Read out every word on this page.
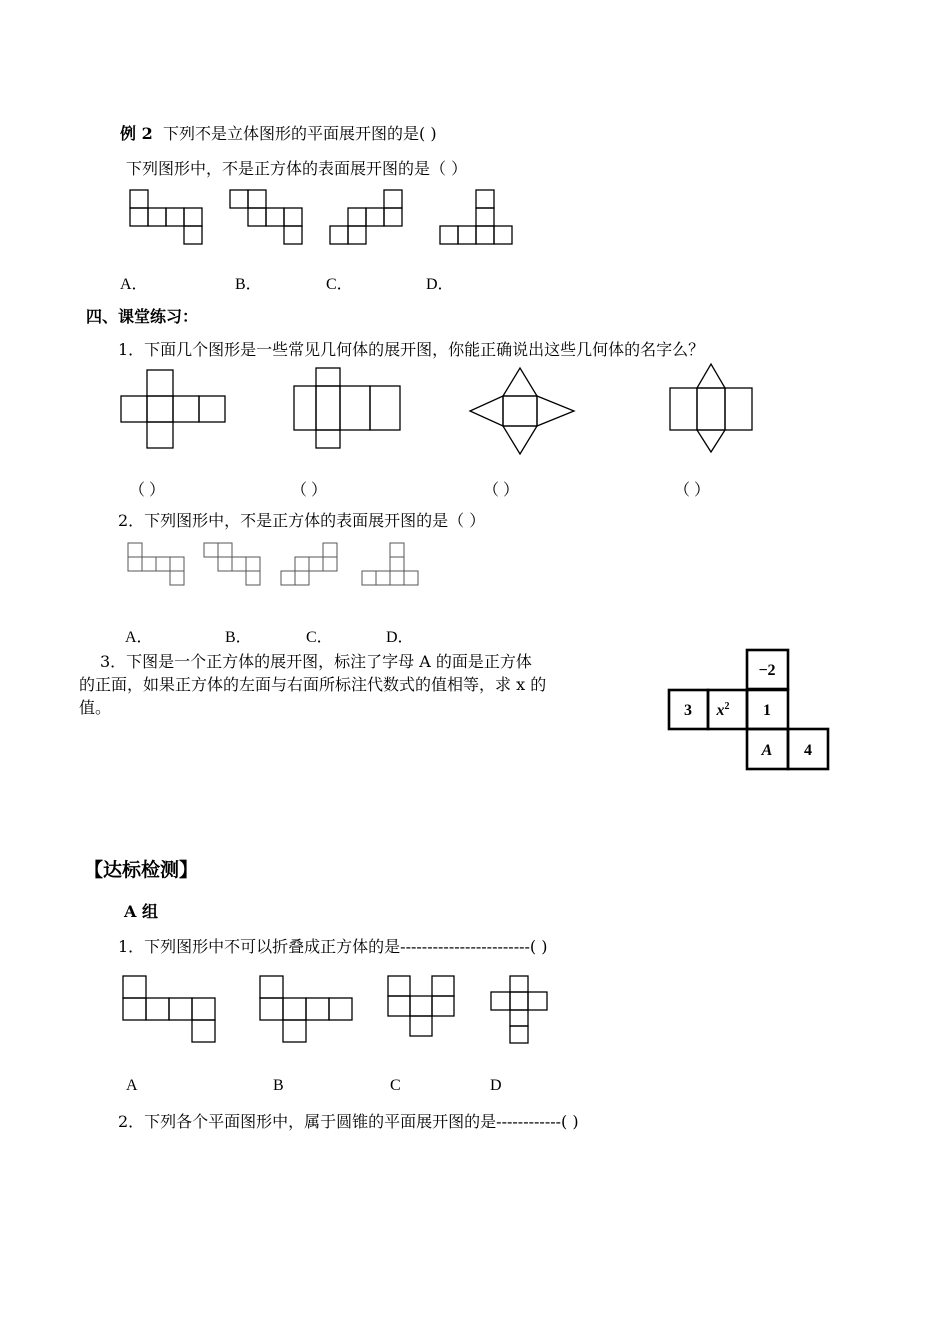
例 2 下列不是立体图形的平面展开图的是( )
下列图形中，不是正方体的表面展开图的是（ ）
A．	B．	C．	D．
四、课堂练习：
1．下面几个图形是一些常见几何体的展开图，你能正确说出这些几何体的名字么？
（ ）	（ ）	（ ）	（ ）
2．下列图形中，不是正方体的表面展开图的是（ ）
A．	B．	C．	D．
3．下图是一个正方体的展开图，标注了字母 A 的面是正方体
的正面，如果正方体的左面与右面所标注代数式的值相等，求 x 的
值。
−2
3 $x^2$ 1
A 4
【达标检测】
A 组
1．下列图形中不可以折叠成正方体的是------------------------( )
A	B	C	D
2．下列各个平面图形中，属于圆锥的平面展开图的是------------( )
